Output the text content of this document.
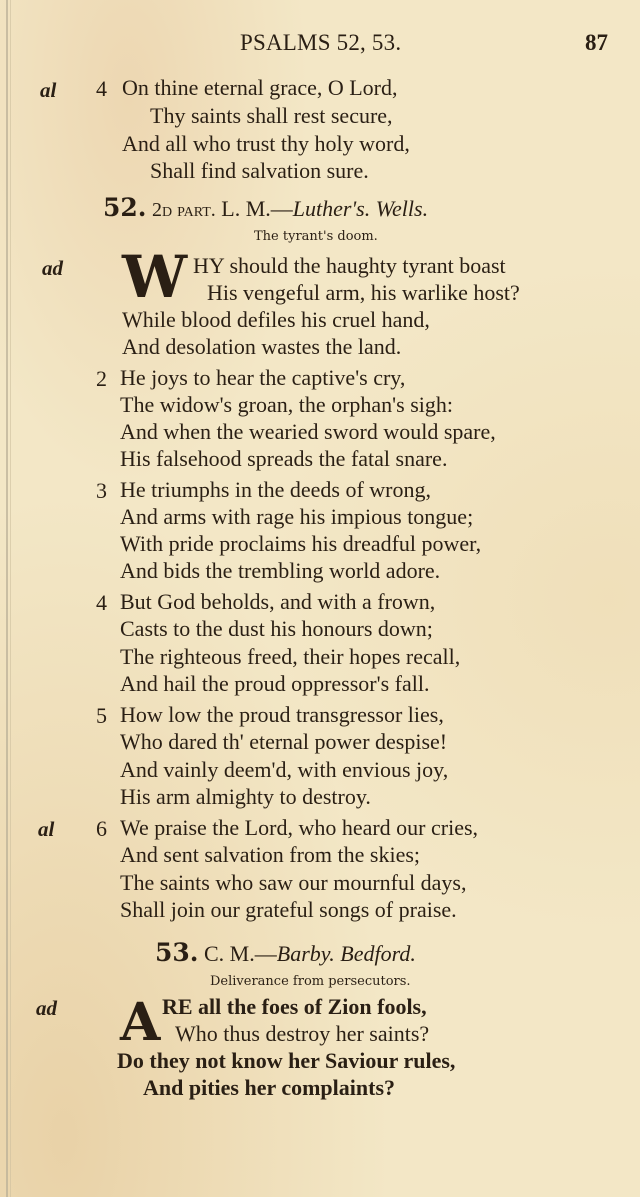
PSALMS 52, 53.	87
al 4 On thine eternal grace, O Lord,
Thy saints shall rest secure,
And all who trust thy holy word,
Shall find salvation sure.
52. 2d part. L. M.—Luther's. Wells.
The tyrant's doom.
ad W HY should the haughty tyrant boast
His vengeful arm, his warlike host?
While blood defiles his cruel hand,
And desolation wastes the land.
2 He joys to hear the captive's cry,
The widow's groan, the orphan's sigh:
And when the wearied sword would spare,
His falsehood spreads the fatal snare.
3 He triumphs in the deeds of wrong,
And arms with rage his impious tongue;
With pride proclaims his dreadful power,
And bids the trembling world adore.
4 But God beholds, and with a frown,
Casts to the dust his honours down;
The righteous freed, their hopes recall,
And hail the proud oppressor's fall.
5 How low the proud transgressor lies,
Who dared th' eternal power despise!
And vainly deem'd, with envious joy,
His arm almighty to destroy.
al 6 We praise the Lord, who heard our cries,
And sent salvation from the skies;
The saints who saw our mournful days,
Shall join our grateful songs of praise.
53. C. M.—Barby. Bedford.
Deliverance from persecutors.
ad A RE all the foes of Zion fools,
Who thus destroy her saints?
Do they not know her Saviour rules,
And pities her complaints?
